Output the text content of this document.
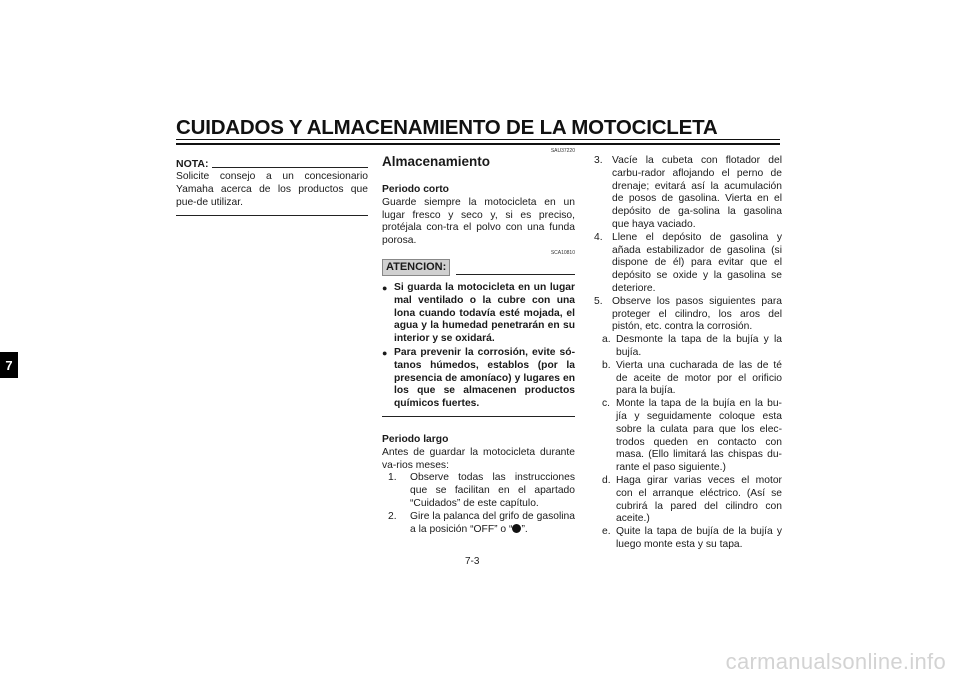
CUIDADOS Y ALMACENAMIENTO DE LA MOTOCICLETA
7
NOTA:

Solicite consejo a un concesionario Yamaha acerca de los productos que pue-de utilizar.

SAU37220
Almacenamiento

Periodo corto

Guarde siempre la motocicleta en un lugar fresco y seco y, si es preciso, protéjala con-tra el polvo con una funda porosa.

SCA10810
ATENCION:
● Si guarda la motocicleta en un lugar mal ventilado o la cubre con una lona cuando todavía esté mojada, el agua y la humedad penetrarán en su interior y se oxidará.
● Para prevenir la corrosión, evite só-tanos húmedos, establos (por la presencia de amoníaco) y lugares en los que se almacenen productos químicos fuertes.

Periodo largo

Antes de guardar la motocicleta durante va-rios meses:

1.	Observe todas las instrucciones que se facilitan en el apartado “Cuidados” de este capítulo.
2.	Gire la palanca del grifo de gasolina a la posición “OFF” o “ ”.
3. Vacíe la cubeta con flotador del carbu-rador aflojando el perno de drenaje; evitará así la acumulación de posos de gasolina. Vierta en el depósito de ga-solina la gasolina que haya vaciado.
4. Llene el depósito de gasolina y añada estabilizador de gasolina (si dispone de él) para evitar que el depósito se oxide y la gasolina se deteriore.
5. Observe los pasos siguientes para proteger el cilindro, los aros del pistón, etc. contra la corrosión.
a. Desmonte la tapa de la bujía y la bujía.
b. Vierta una cucharada de las de té de aceite de motor por el orificio para la bujía.
c. Monte la tapa de la bujía en la bu-jía y seguidamente coloque esta sobre la culata para que los elec-trodos queden en contacto con masa. (Ello limitará las chispas du-rante el paso siguiente.)
d. Haga girar varias veces el motor con el arranque eléctrico. (Así se cubrirá la pared del cilindro con aceite.)
e. Quite la tapa de bujía de la bujía y luego monte esta y su tapa.
7-3
carmanualsonline.info
